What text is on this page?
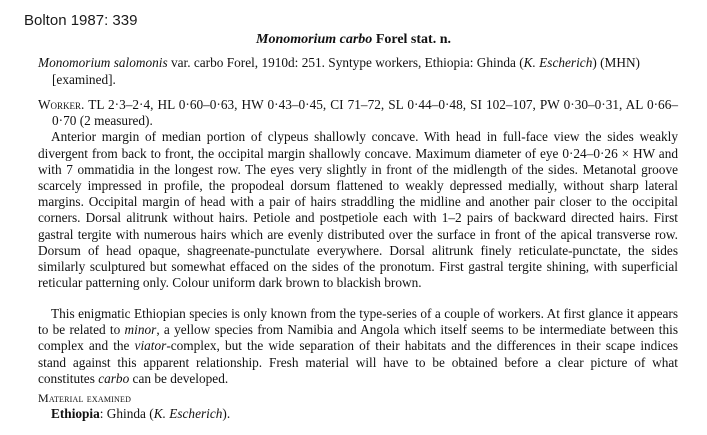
Bolton 1987: 339

Monomorium carbo Forel stat. n.

Monomorium salomonis var. carbo Forel, 1910d: 251. Syntype workers, Ethiopia: Ghinda (K. Escherich) (MHN) [examined].

Worker. TL 2·3–2·4, HL 0·60–0·63, HW 0·43–0·45, CI 71–72, SL 0·44–0·48, SI 102–107, PW 0·30–0·31, AL 0·66–0·70 (2 measured).
Anterior margin of median portion of clypeus shallowly concave. With head in full-face view the sides weakly divergent from back to front, the occipital margin shallowly concave. Maximum diameter of eye 0·24–0·26 × HW and with 7 ommatidia in the longest row. The eyes very slightly in front of the midlength of the sides. Metanotal groove scarcely impressed in profile, the propodeal dorsum flattened to weakly depressed medially, without sharp lateral margins. Occipital margin of head with a pair of hairs straddling the midline and another pair closer to the occipital corners. Dorsal alitrunk without hairs. Petiole and postpetiole each with 1–2 pairs of backward directed hairs. First gastral tergite with numerous hairs which are evenly distributed over the surface in front of the apical transverse row. Dorsum of head opaque, shagreenate-punctulate everywhere. Dorsal alitrunk finely reticulate-punctate, the sides similarly sculptured but somewhat effaced on the sides of the pronotum. First gastral tergite shining, with superficial reticular patterning only. Colour uniform dark brown to blackish brown.

This enigmatic Ethiopian species is only known from the type-series of a couple of workers. At first glance it appears to be related to minor, a yellow species from Namibia and Angola which itself seems to be intermediate between this complex and the viator-complex, but the wide separation of their habitats and the differences in their scape indices stand against this apparent relationship. Fresh material will have to be obtained before a clear picture of what constitutes carbo can be developed.

Material examined

Ethiopia: Ghinda (K. Escherich).
